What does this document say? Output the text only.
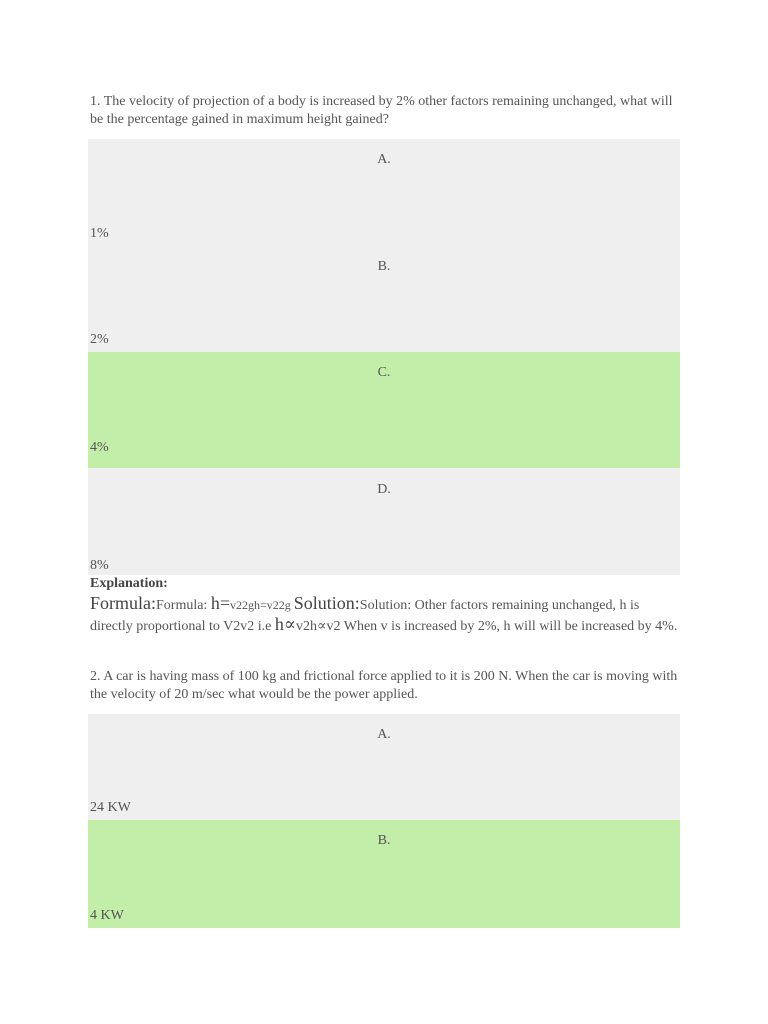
1. The velocity of projection of a body is increased by 2% other factors remaining unchanged, what will be the percentage gained in maximum height gained?
A.
1%
B.
2%
C.
4%
D.
8%
Explanation:
Formula:Formula: h=v22gh=v22g Solution:Solution: Other factors remaining unchanged, h is directly proportional to V2v2 i.e h∝v2h∝v2 When v is increased by 2%, h will will be increased by 4%.
2. A car is having mass of 100 kg and frictional force applied to it is 200 N. When the car is moving with the velocity of 20 m/sec what would be the power applied.
A.
24 KW
B.
4 KW
